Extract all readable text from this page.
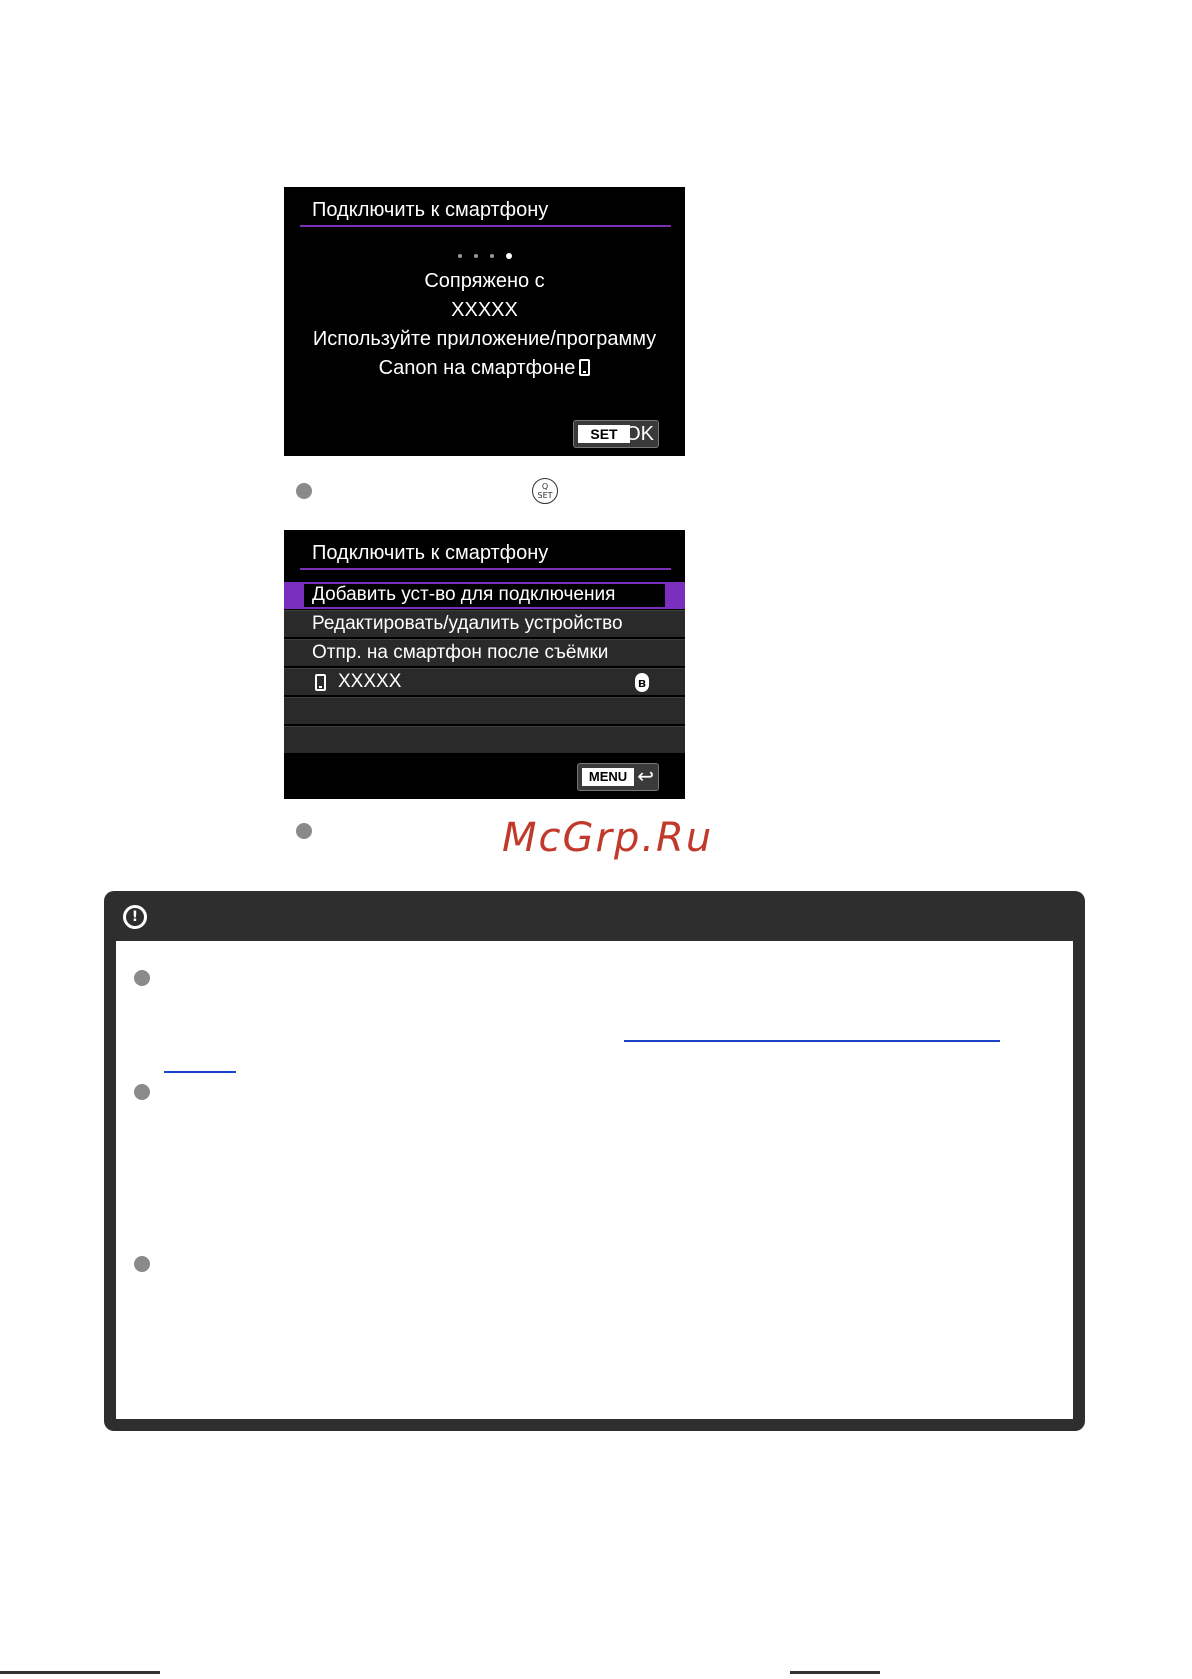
Подключить к смартфону
Сопряжено с
XXXXX
Используйте приложение/программу
Canon на смартфоне
SET OK
Q
SET
Подключить к смартфону
Добавить уст-во для подключения
Редактировать/удалить устройство
Отпр. на смартфон после съёмки
XXXXX	ʙ
MENU ↩
McGrp.Ru
!
